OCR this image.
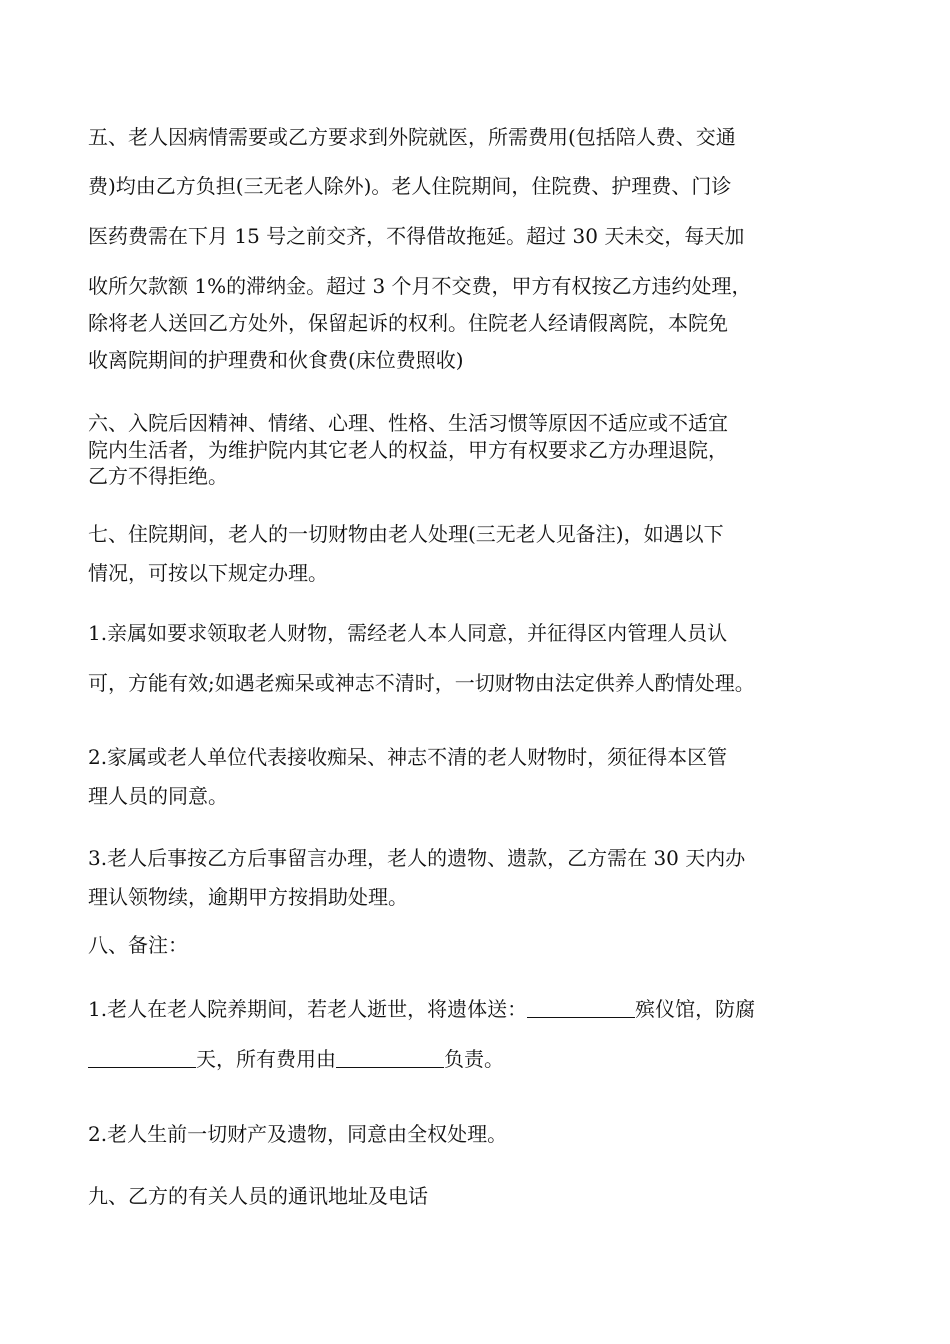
五、老人因病情需要或乙方要求到外院就医，所需费用(包括陪人费、交通
费)均由乙方负担(三无老人除外)。老人住院期间，住院费、护理费、门诊
医药费需在下月 15 号之前交齐，不得借故拖延。超过 30 天未交，每天加
收所欠款额 1%的滞纳金。超过 3 个月不交费，甲方有权按乙方违约处理，
除将老人送回乙方处外，保留起诉的权利。住院老人经请假离院，本院免
收离院期间的护理费和伙食费(床位费照收)
六、入院后因精神、情绪、心理、性格、生活习惯等原因不适应或不适宜
院内生活者，为维护院内其它老人的权益，甲方有权要求乙方办理退院，
乙方不得拒绝。
七、住院期间，老人的一切财物由老人处理(三无老人见备注)，如遇以下
情况，可按以下规定办理。
1.亲属如要求领取老人财物，需经老人本人同意，并征得区内管理人员认
可，方能有效;如遇老痴呆或神志不清时，一切财物由法定供养人酌情处理。
2.家属或老人单位代表接收痴呆、神志不清的老人财物时，须征得本区管
理人员的同意。
3.老人后事按乙方后事留言办理，老人的遗物、遗款，乙方需在 30 天内办
理认领物续，逾期甲方按捐助处理。
八、备注：
1.老人在老人院养期间，若老人逝世，将遗体送：	殡仪馆，防腐
天，所有费用由	负责。
2.老人生前一切财产及遗物，同意由全权处理。
九、乙方的有关人员的通讯地址及电话
